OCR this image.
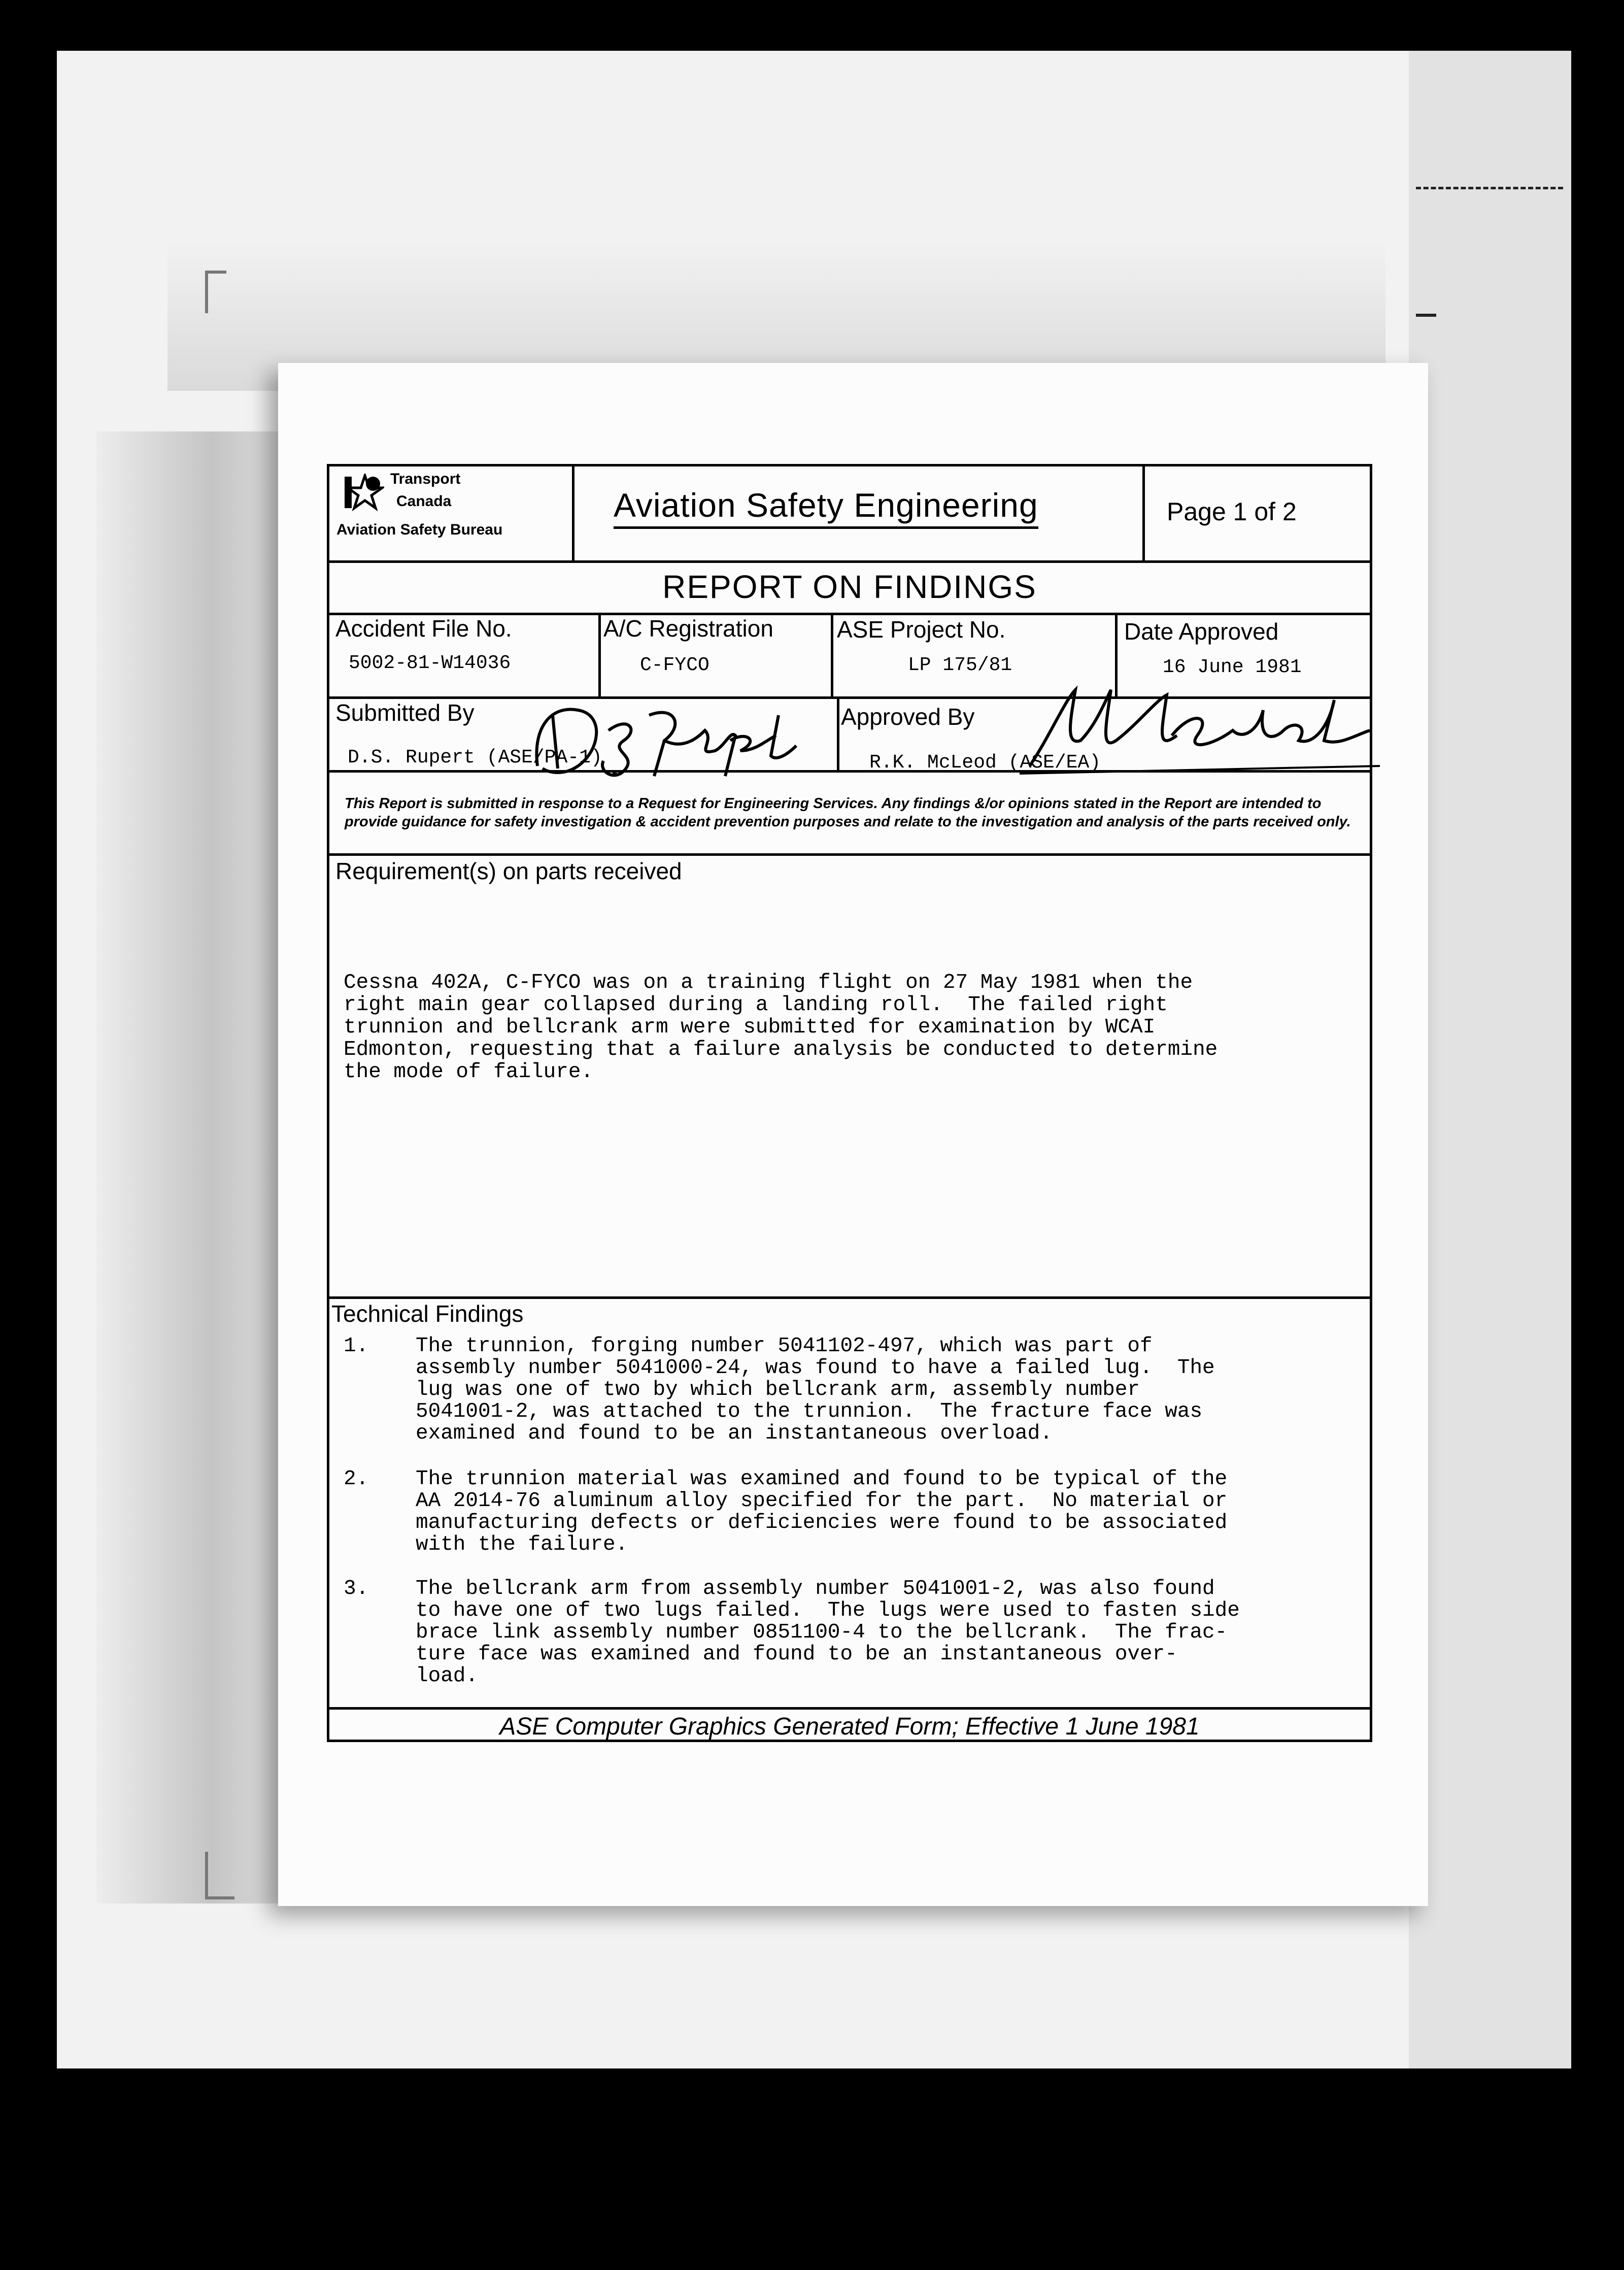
Transport
Canada
Aviation Safety Bureau
Aviation Safety Engineering	Page 1 of 2
REPORT ON FINDINGS
Accident File No.
5002-81-W14036
A/C Registration
C-FYCO
ASE Project No.
LP 175/81
Date Approved
16 June 1981
Submitted By
D.S. Rupert (ASE/PA-1)
Approved By
R.K. McLeod (ASE/EA)
This Report is submitted in response to a Request for Engineering Services. Any findings &/or opinions stated in the Report are intended to provide guidance for safety investigation & accident prevention purposes and relate to the investigation and analysis of the parts received only.
Requirement(s) on parts received
Cessna 402A, C-FYCO was on a training flight on 27 May 1981 when the
right main gear collapsed during a landing roll.  The failed right
trunnion and bellcrank arm were submitted for examination by WCAI
Edmonton, requesting that a failure analysis be conducted to determine
the mode of failure.
Technical Findings
1. The trunnion, forging number 5041102-497, which was part of
assembly number 5041000-24, was found to have a failed lug.  The
lug was one of two by which bellcrank arm, assembly number
5041001-2, was attached to the trunnion.  The fracture face was
examined and found to be an instantaneous overload.
2. The trunnion material was examined and found to be typical of the
AA 2014-76 aluminum alloy specified for the part.  No material or
manufacturing defects or deficiencies were found to be associated
with the failure.
3. The bellcrank arm from assembly number 5041001-2, was also found
to have one of two lugs failed.  The lugs were used to fasten side
brace link assembly number 0851100-4 to the bellcrank.  The frac-
ture face was examined and found to be an instantaneous over-
load.
ASE Computer Graphics Generated Form; Effective 1 June 1981
